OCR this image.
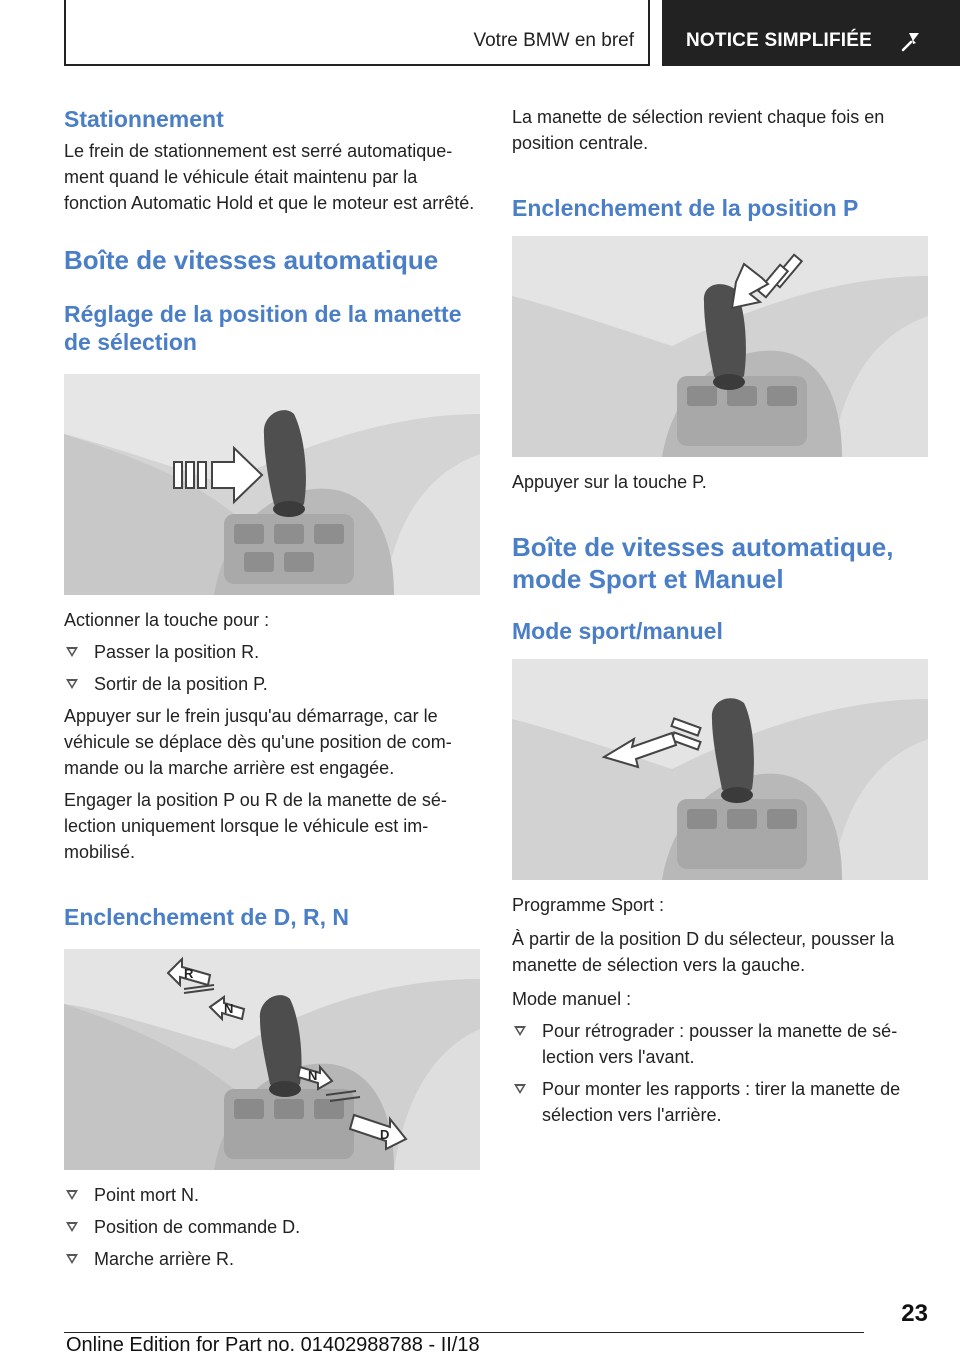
Votre BMW en bref	NOTICE SIMPLIFIÉE
Stationnement

Le frein de stationnement est serré automatiquement quand le véhicule était maintenu par la fonction Automatic Hold et que le moteur est arrêté.

Boîte de vitesses automatique
Réglage de la position de la manette de sélection

Actionner la touche pour :

Passer la position R.
Sortir de la position P.

Appuyer sur le frein jusqu'au démarrage, car le véhicule se déplace dès qu'une position de commande ou la marche arrière est engagée.

Engager la position P ou R de la manette de sélection uniquement lorsque le véhicule est immobilisé.

Enclenchement de D, R, N
R
N
N
D
Point mort N.
Position de commande D.
Marche arrière R.

La manette de sélection revient chaque fois en position centrale.

Enclenchement de la position P

Appuyer sur la touche P.

Boîte de vitesses automatique, mode Sport et Manuel
Mode sport/manuel

Programme Sport :

À partir de la position D du sélecteur, pousser la manette de sélection vers la gauche.

Mode manuel :

Pour rétrograder : pousser la manette de sélection vers l'avant.
Pour monter les rapports : tirer la manette de sélection vers l'arrière.
23
Online Edition for Part no. 01402988788 - II/18
